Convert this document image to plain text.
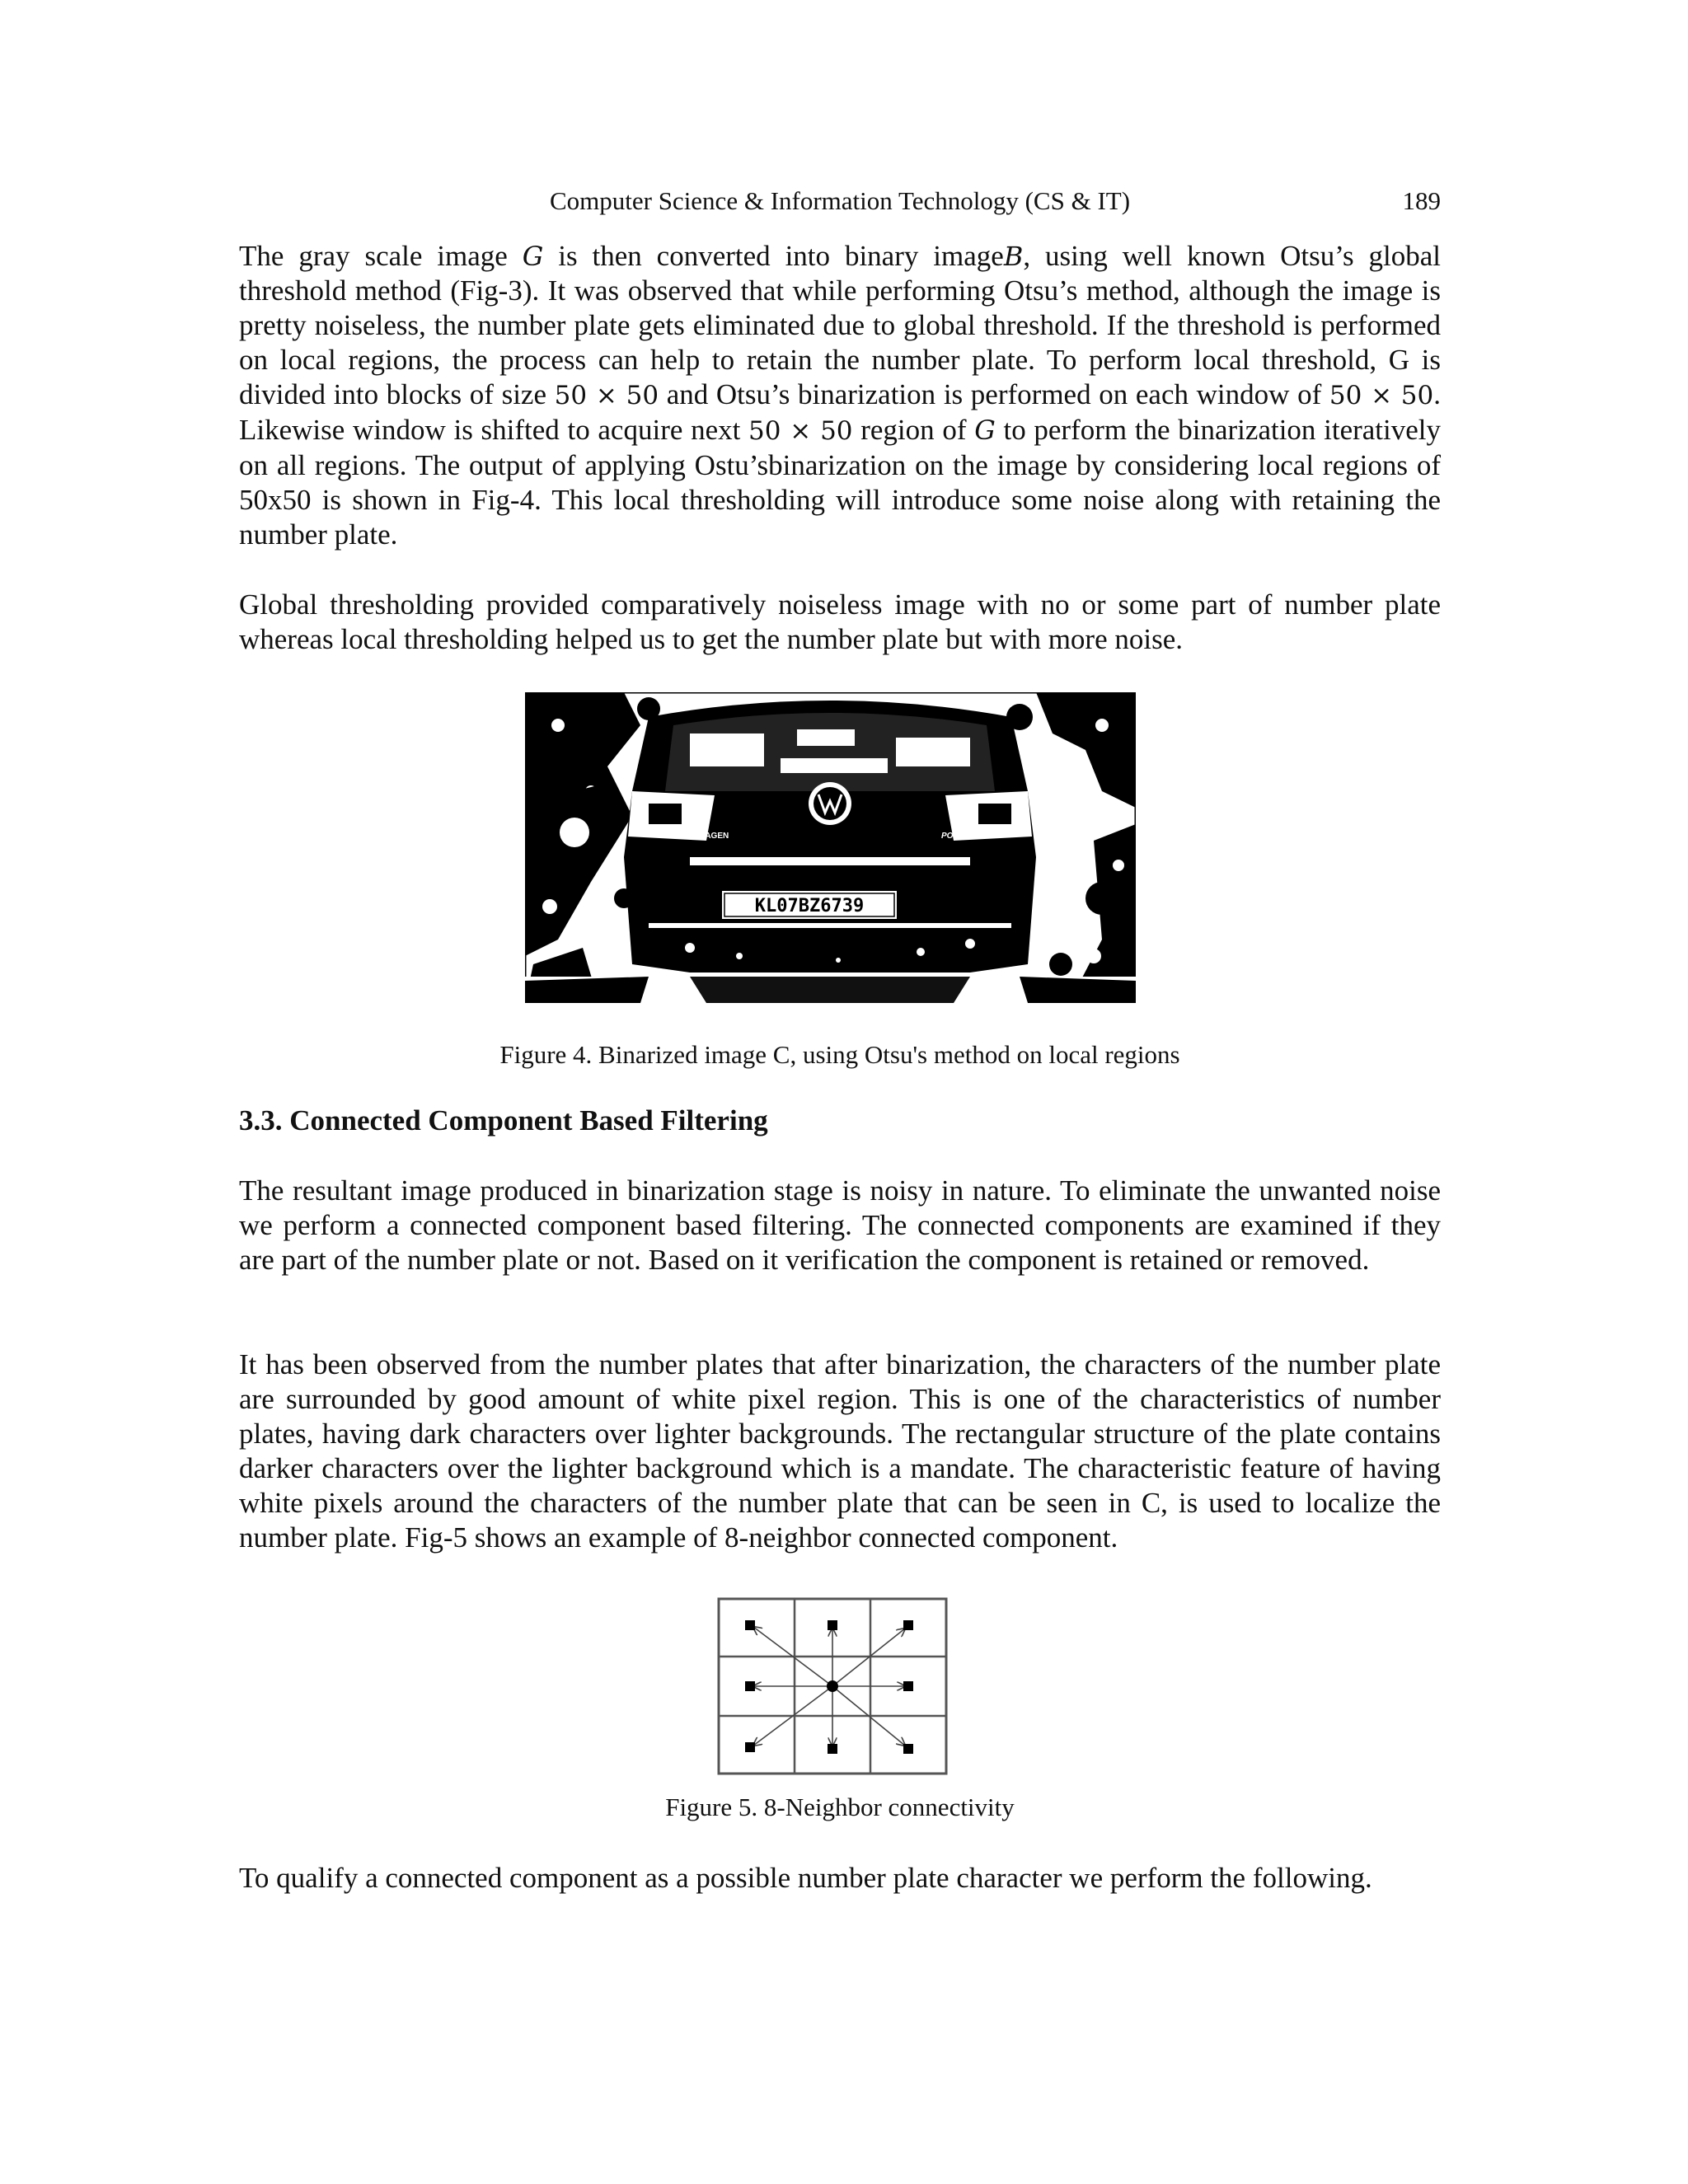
Computer Science & Information Technology (CS & IT)	189

The gray scale image G is then converted into binary imageB, using well known Otsu’s global threshold method (Fig-3). It was observed that while performing Otsu’s method, although the image is pretty noiseless, the number plate gets eliminated due to global threshold. If the threshold is performed on local regions, the process can help to retain the number plate. To perform local threshold, G is divided into blocks of size 50 × 50 and Otsu’s binarization is performed on each window of 50 × 50. Likewise window is shifted to acquire next 50 × 50 region of G to perform the binarization iteratively on all regions. The output of applying Ostu’sbinarization on the image by considering local regions of 50x50 is shown in Fig-4. This local thresholding will introduce some noise along with retaining the number plate.

Global thresholding provided comparatively noiseless image with no or some part of number plate whereas local thresholding helped us to get the number plate but with more noise.

VOLKSWAGEN	POLO
KL07BZ6739
Figure 4. Binarized image C, using Otsu's method on local regions
3.3. Connected Component Based Filtering

The resultant image produced in binarization stage is noisy in nature. To eliminate the unwanted noise we perform a connected component based filtering. The connected components are examined if they are part of the number plate or not. Based on it verification the component is retained or removed.

It has been observed from the number plates that after binarization, the characters of the number plate are surrounded by good amount of white pixel region. This is one of the characteristics of number plates, having dark characters over lighter backgrounds. The rectangular structure of the plate contains darker characters over the lighter background which is a mandate. The characteristic feature of having white pixels around the characters of the number plate that can be seen in C, is used to localize the number plate. Fig-5 shows an example of 8-neighbor connected component.

Figure 5. 8-Neighbor connectivity

To qualify a connected component as a possible number plate character we perform the following.
